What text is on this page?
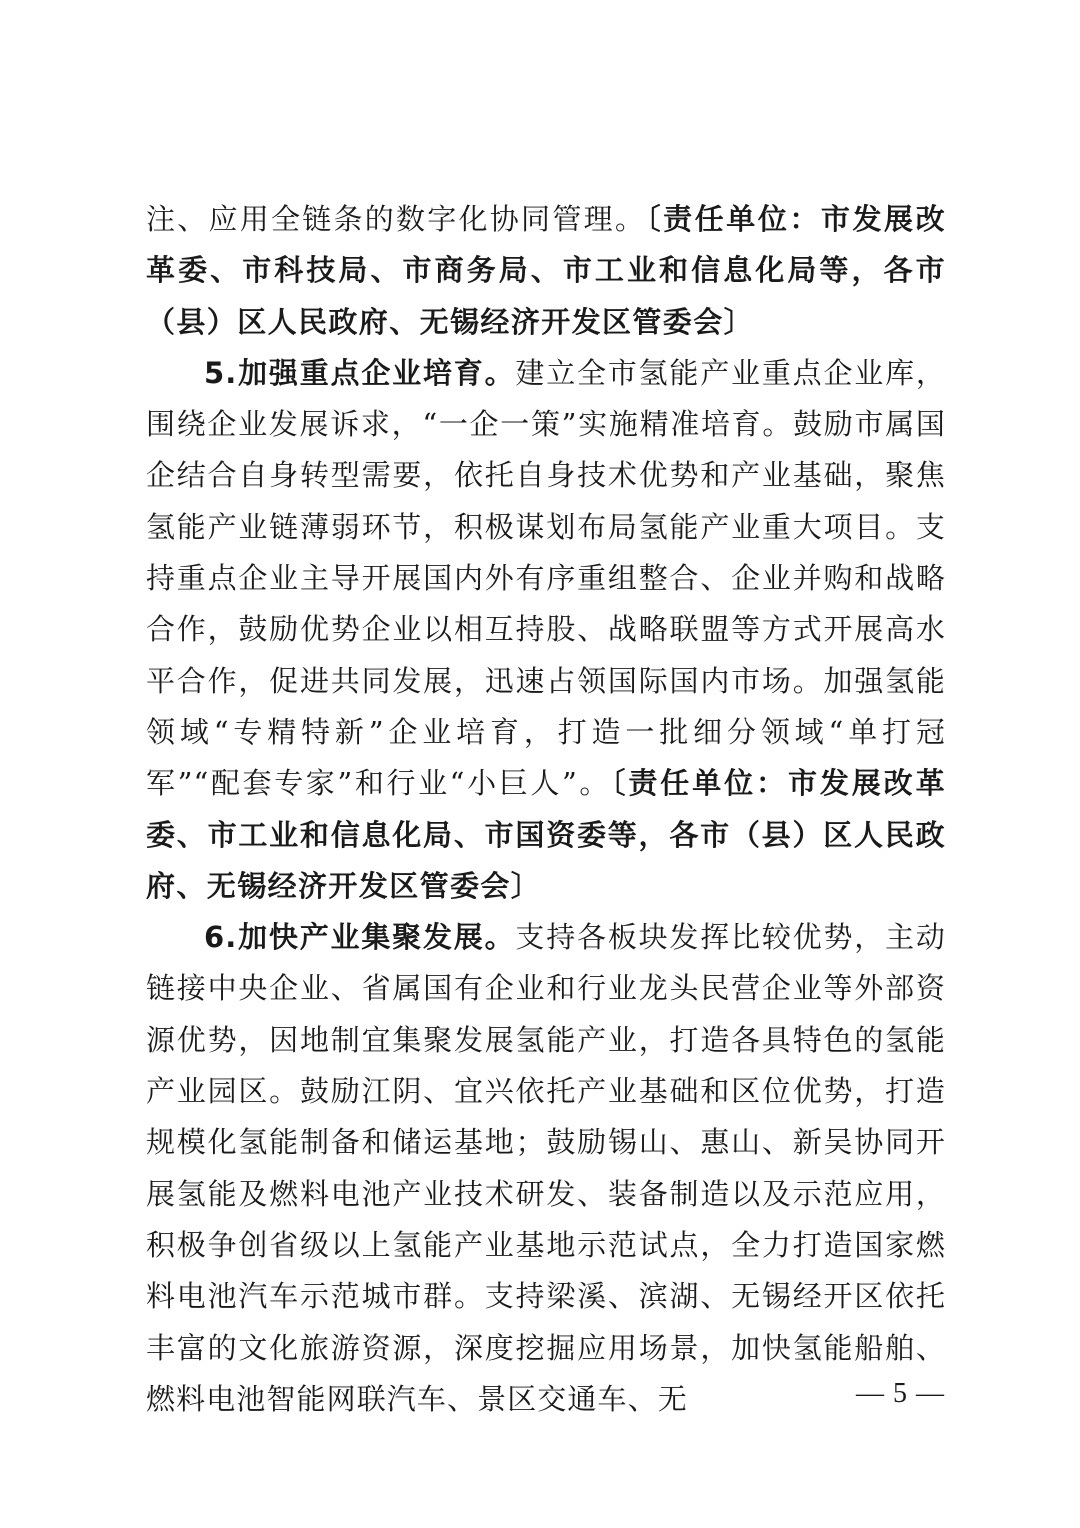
注、应用全链条的数字化协同管理。〔责任单位：市发展改革委、市科技局、市商务局、市工业和信息化局等，各市（县）区人民政府、无锡经济开发区管委会〕

5.加强重点企业培育。建立全市氢能产业重点企业库，围绕企业发展诉求，“一企一策”实施精准培育。鼓励市属国企结合自身转型需要，依托自身技术优势和产业基础，聚焦氢能产业链薄弱环节，积极谋划布局氢能产业重大项目。支持重点企业主导开展国内外有序重组整合、企业并购和战略合作，鼓励优势企业以相互持股、战略联盟等方式开展高水平合作，促进共同发展，迅速占领国际国内市场。加强氢能领域“专精特新”企业培育，打造一批细分领域“单打冠军”“配套专家”和行业“小巨人”。〔责任单位：市发展改革委、市工业和信息化局、市国资委等，各市（县）区人民政府、无锡经济开发区管委会〕

6.加快产业集聚发展。支持各板块发挥比较优势，主动链接中央企业、省属国有企业和行业龙头民营企业等外部资源优势，因地制宜集聚发展氢能产业，打造各具特色的氢能产业园区。鼓励江阴、宜兴依托产业基础和区位优势，打造规模化氢能制备和储运基地；鼓励锡山、惠山、新吴协同开展氢能及燃料电池产业技术研发、装备制造以及示范应用，积极争创省级以上氢能产业基地示范试点，全力打造国家燃料电池汽车示范城市群。支持梁溪、滨湖、无锡经开区依托丰富的文化旅游资源，深度挖掘应用场景，加快氢能船舶、燃料电池智能网联汽车、景区交通车、无	— 5 —
